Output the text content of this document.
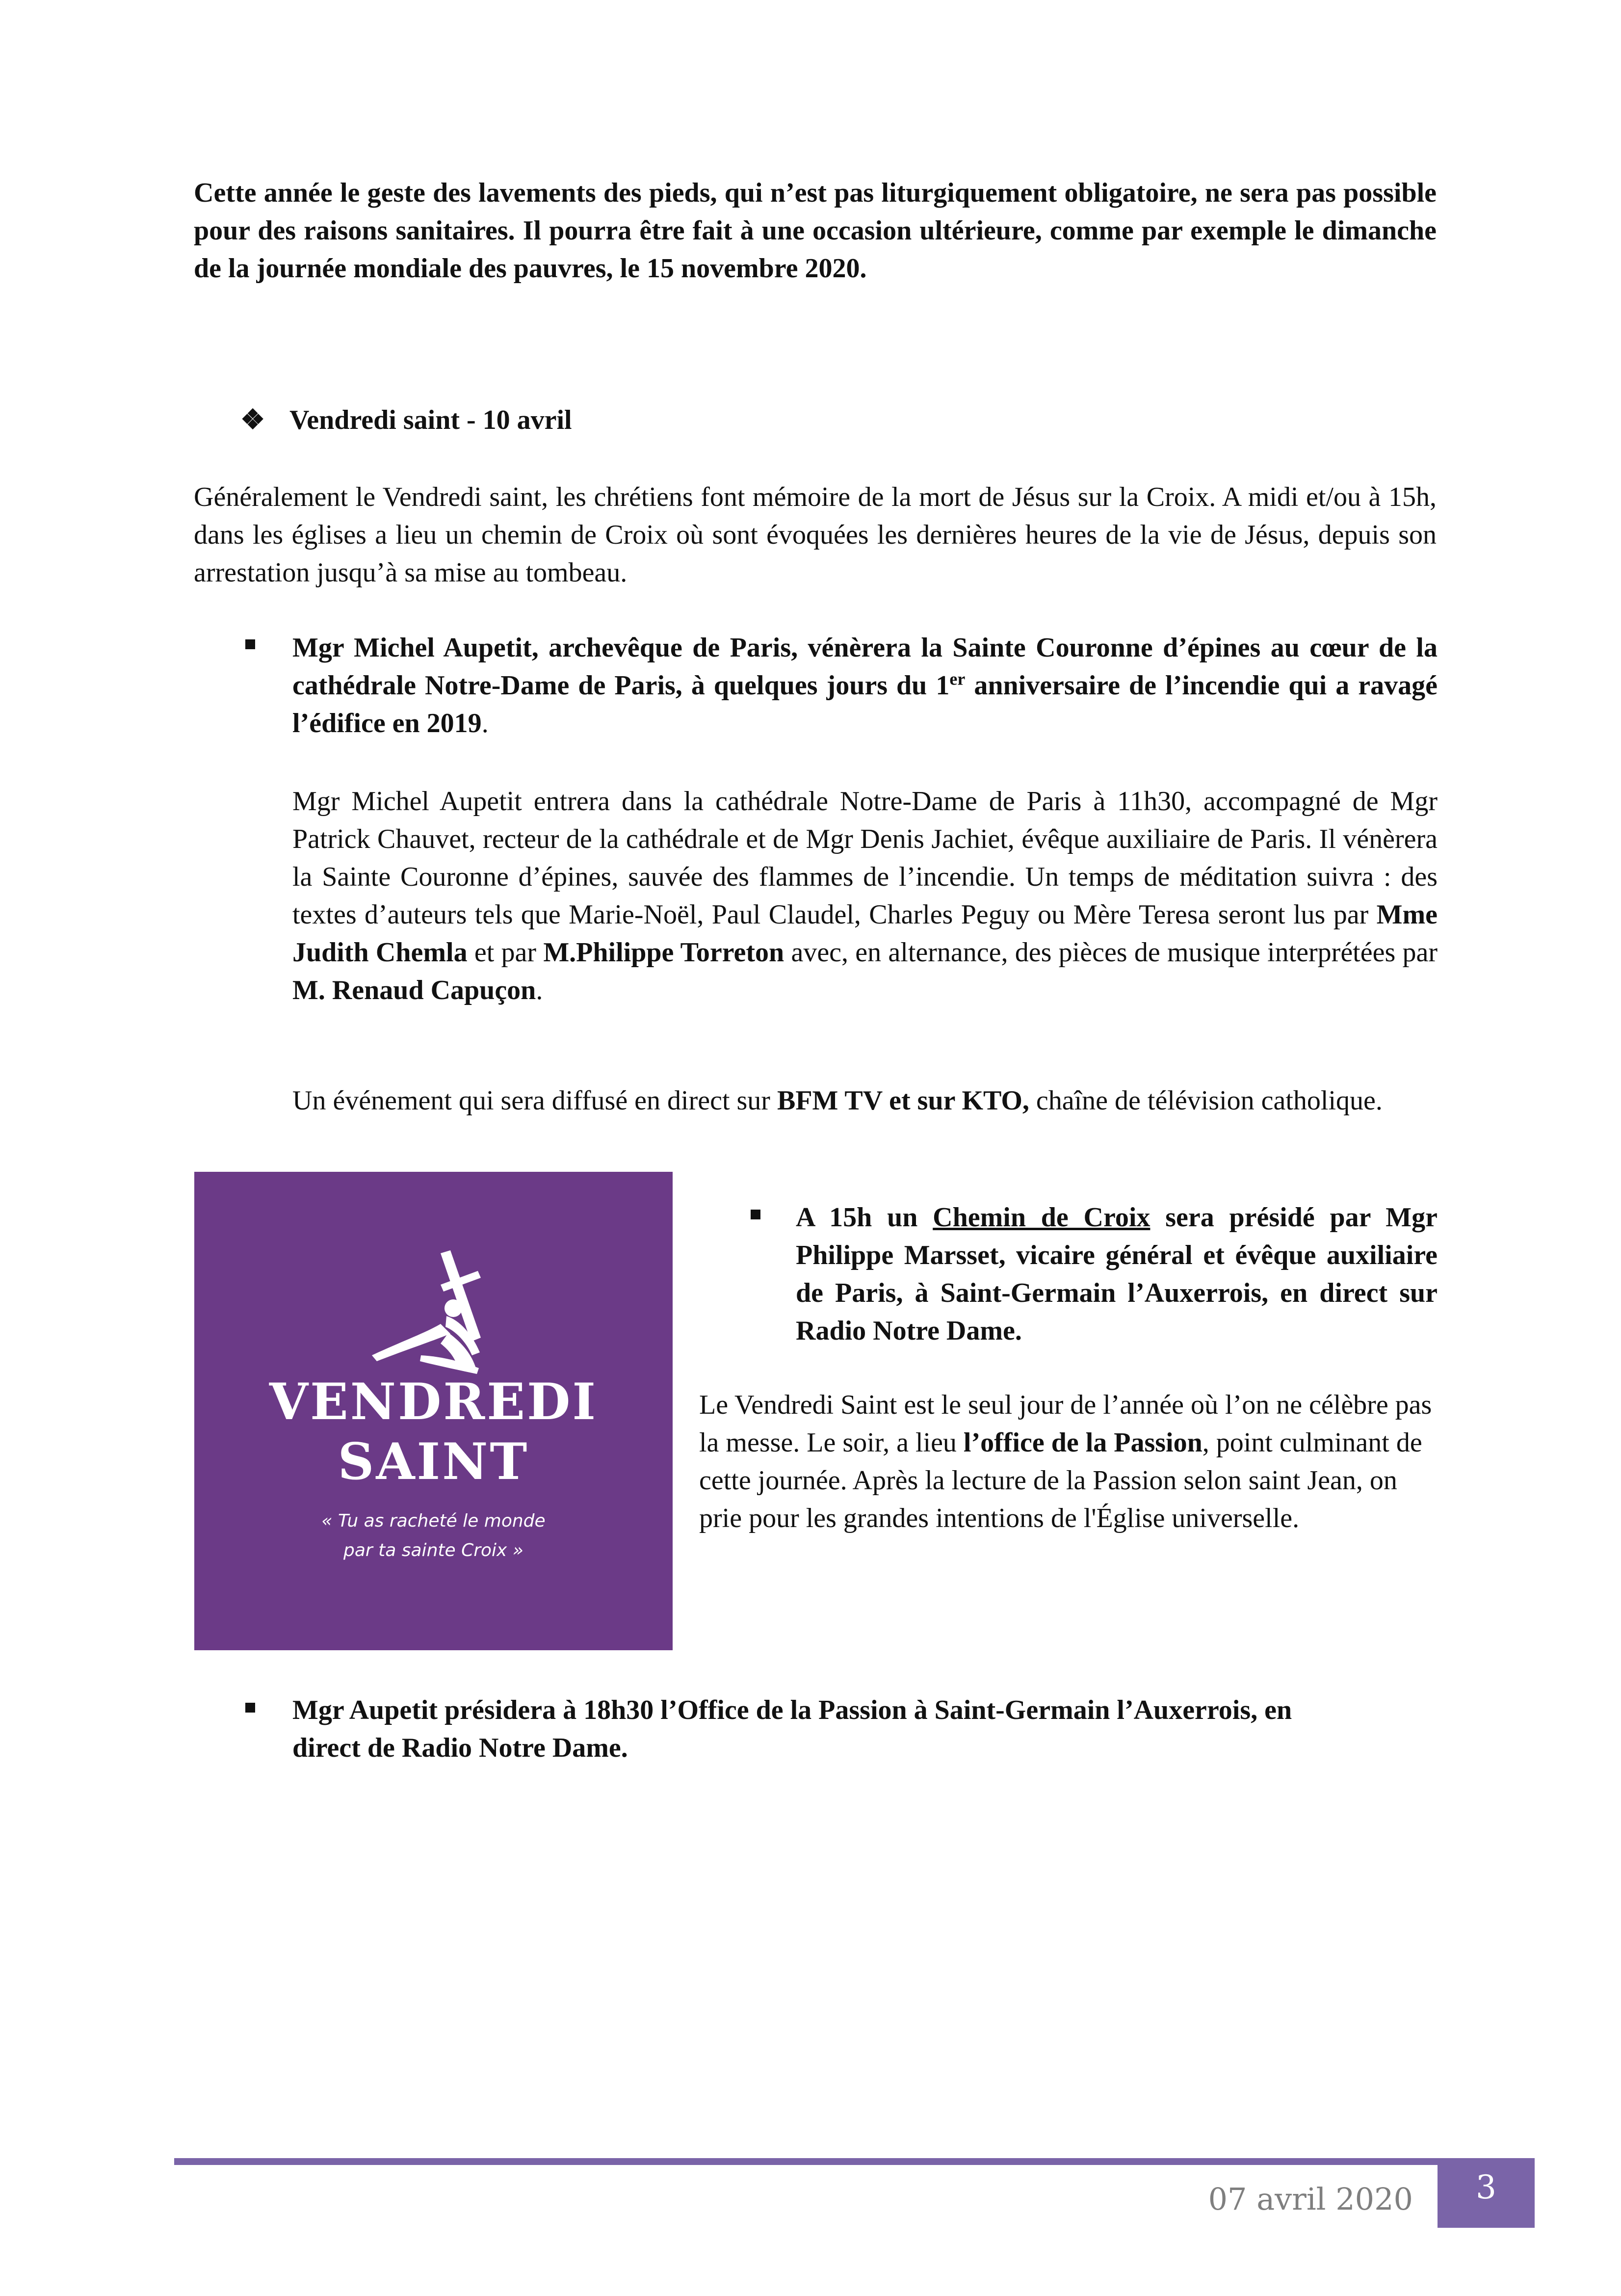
Cette année le geste des lavements des pieds, qui n’est pas liturgiquement obligatoire, ne sera pas possible pour des raisons sanitaires. Il pourra être fait à une occasion ultérieure, comme par exemple le dimanche de la journée mondiale des pauvres, le 15 novembre 2020.

❖ Vendredi saint - 10 avril

Généralement le Vendredi saint, les chrétiens font mémoire de la mort de Jésus sur la Croix. A midi et/ou à 15h, dans les églises a lieu un chemin de Croix où sont évoquées les dernières heures de la vie de Jésus, depuis son arrestation jusqu’à sa mise au tombeau.

Mgr Michel Aupetit, archevêque de Paris, vénèrera la Sainte Couronne d’épines au cœur de la cathédrale Notre-Dame de Paris, à quelques jours du 1er anniversaire de l’incendie qui a ravagé l’édifice en 2019.

Mgr Michel Aupetit entrera dans la cathédrale Notre-Dame de Paris à 11h30, accompagné de Mgr Patrick Chauvet, recteur de la cathédrale et de Mgr Denis Jachiet, évêque auxiliaire de Paris. Il vénèrera la Sainte Couronne d’épines, sauvée des flammes de l’incendie. Un temps de méditation suivra : des textes d’auteurs tels que Marie-Noël, Paul Claudel, Charles Peguy ou Mère Teresa seront lus par Mme Judith Chemla et par M.Philippe Torreton avec, en alternance, des pièces de musique interprétées par M. Renaud Capuçon.

Un événement qui sera diffusé en direct sur BFM TV et sur KTO, chaîne de télévision catholique.

VENDREDI
SAINT
« Tu as racheté le monde
par ta sainte Croix »

A 15h un Chemin de Croix sera présidé par Mgr Philippe Marsset, vicaire général et évêque auxiliaire de Paris, à Saint-Germain l’Auxerrois, en direct sur Radio Notre Dame.

Le Vendredi Saint est le seul jour de l’année où l’on ne célèbre pas la messe. Le soir, a lieu l’office de la Passion, point culminant de cette journée. Après la lecture de la Passion selon saint Jean, on prie pour les grandes intentions de l'Église universelle.

Mgr Aupetit présidera à 18h30 l’Office de la Passion à Saint-Germain l’Auxerrois, en direct de Radio Notre Dame.

07 avril 2020	3
